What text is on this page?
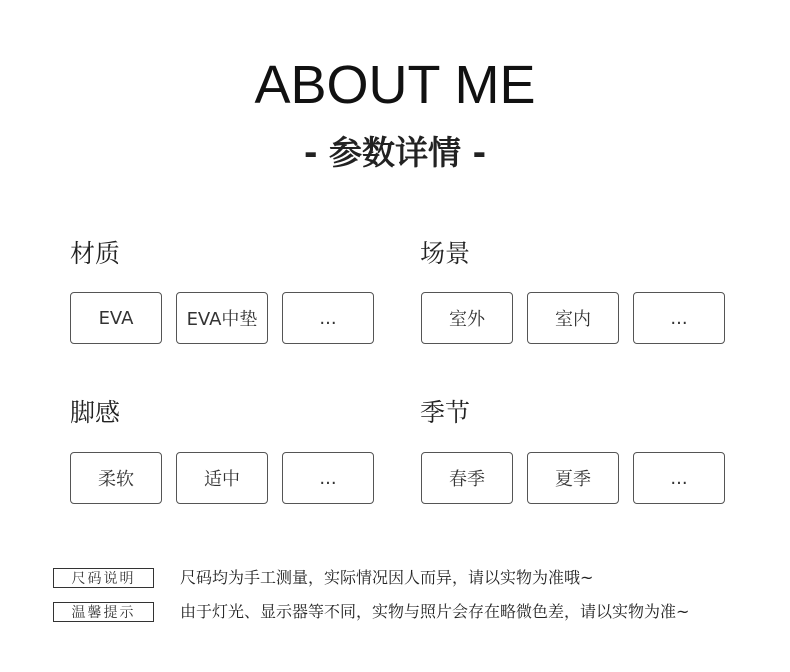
ABOUT ME
- 参数详情 -
材质
EVA	EVA中垫	...
场景
室外	室内	...
脚感
柔软	适中	...
季节
春季	夏季	...
尺码说明	尺码均为手工测量，实际情况因人而异，请以实物为准哦~
温馨提示	由于灯光、显示器等不同，实物与照片会存在略微色差，请以实物为准~
